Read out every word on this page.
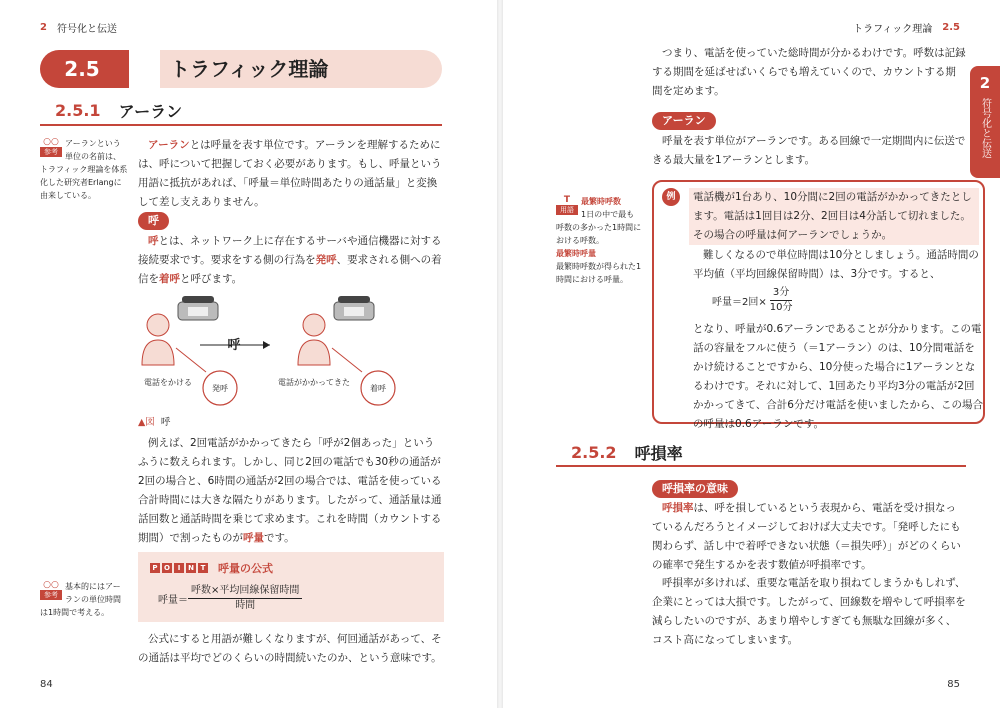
2 符号化と伝送
2.5	トラフィック理論
2.5.1 アーラン
○○
参考
アーランという単位の名前は、トラフィック理論を体系化した研究者Erlangに由来している。
アーランとは呼量を表す単位です。アーランを理解するためには、呼について把握しておく必要があります。もし、呼量という用語に抵抗があれば、「呼量＝単位時間あたりの通話量」と変換して差し支えありません。
呼
呼とは、ネットワーク上に存在するサーバや通信機器に対する接続要求です。要求をする側の行為を発呼、要求される側への着信を着呼と呼びます。
呼
発呼
電話をかける
着呼
電話がかかってきた
▲図 呼
例えば、2回電話がかかってきたら「呼が2個あった」というふうに数えられます。しかし、同じ2回の電話でも30秒の通話が2回の場合と、6時間の通話が2回の場合では、電話を使っている合計時間には大きな隔たりがあります。したがって、通話量は通話回数と通話時間を乗じて求めます。これを時間（カウントする期間）で割ったものが呼量です。
○○
参考
基本的にはアーランの単位時間は1時間で考える。
P O	I	N T 呼量の公式
呼量＝ $\frac{\text{呼数×平均回線保留時間}}{\text{時間}}$
公式にすると用語が難しくなりますが、何回通話があって、その通話は平均でどのくらいの時間続いたのか、という意味です。
84
トラフィック理論 2.5
2
符号化と伝送
つまり、電話を使っていた総時間が分かるわけです。呼数は記録する期間を延ばせばいくらでも増えていくので、カウントする期間を定めます。
アーラン
呼量を表す単位がアーランです。ある回線で一定期間内に伝送できる最大量を1アーランとします。
T
用語
最繁時呼数
1日の中で最も呼数の多かった1時間における呼数。
最繁時呼量
最繁時呼数が得られた1時間における呼量。
例	電話機が1台あり、10分間に2回の電話がかかってきたとします。電話は1回目は2分、2回目は4分話して切れました。その場合の呼量は何アーランでしょうか。
難しくなるので単位時間は10分としましょう。通話時間の平均値（平均回線保留時間）は、3分です。すると、
呼量＝2回× $\frac{\text{3分}}{\text{10分}}$
となり、呼量が0.6アーランであることが分かります。この電話の容量をフルに使う（＝1アーラン）のは、10分間電話をかけ続けることですから、10分使った場合に1アーランとなるわけです。それに対して、1回あたり平均3分の電話が2回かかってきて、合計6分だけ電話を使いましたから、この場合の呼量は0.6アーランです。
2.5.2 呼損率
呼損率の意味
呼損率は、呼を損しているという表現から、電話を受け損なっているんだろうとイメージしておけば大丈夫です。「発呼したにも関わらず、話し中で着呼できない状態（＝損失呼）」がどのくらいの確率で発生するかを表す数値が呼損率です。
呼損率が多ければ、重要な電話を取り損ねてしまうかもしれず、企業にとっては大損です。したがって、回線数を増やして呼損率を減らしたいのですが、あまり増やしすぎても無駄な回線が多く、コスト高になってしまいます。
85
